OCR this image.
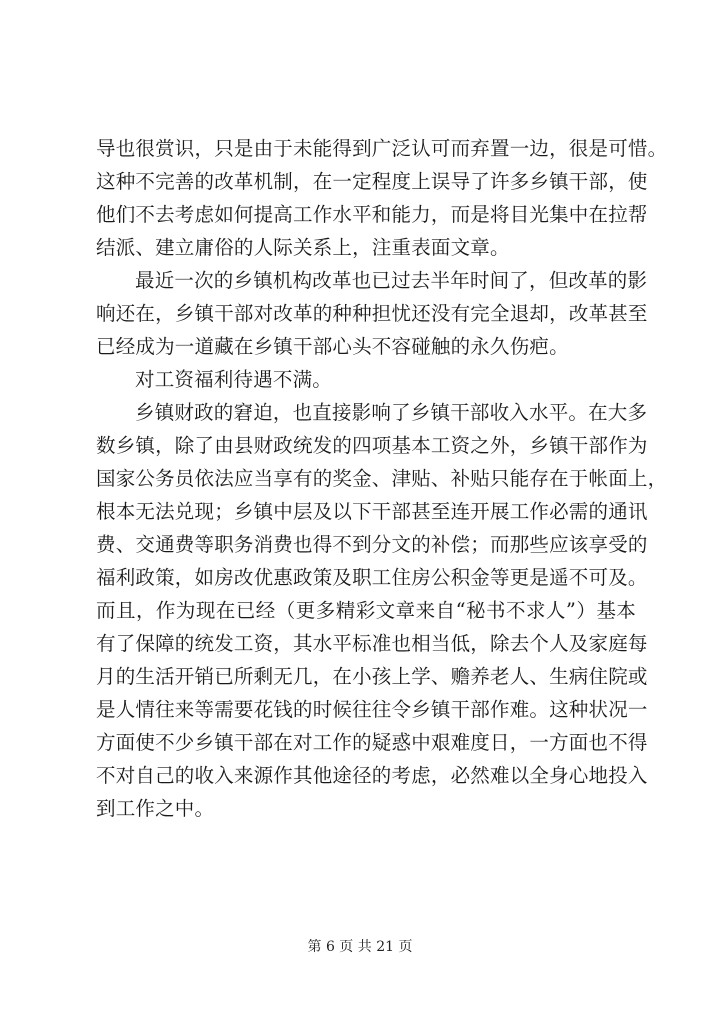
导也很赏识，只是由于未能得到广泛认可而弃置一边，很是可惜。
这种不完善的改革机制，在一定程度上误导了许多乡镇干部，使
他们不去考虑如何提高工作水平和能力，而是将目光集中在拉帮
结派、建立庸俗的人际关系上，注重表面文章。
最近一次的乡镇机构改革也已过去半年时间了，但改革的影
响还在，乡镇干部对改革的种种担忧还没有完全退却，改革甚至
已经成为一道藏在乡镇干部心头不容碰触的永久伤疤。
对工资福利待遇不满。
乡镇财政的窘迫，也直接影响了乡镇干部收入水平。在大多
数乡镇，除了由县财政统发的四项基本工资之外，乡镇干部作为
国家公务员依法应当享有的奖金、津贴、补贴只能存在于帐面上，
根本无法兑现；乡镇中层及以下干部甚至连开展工作必需的通讯
费、交通费等职务消费也得不到分文的补偿；而那些应该享受的
福利政策，如房改优惠政策及职工住房公积金等更是遥不可及。
而且，作为现在已经（更多精彩文章来自“秘书不求人”）基本
有了保障的统发工资，其水平标准也相当低，除去个人及家庭每
月的生活开销已所剩无几，在小孩上学、赡养老人、生病住院或
是人情往来等需要花钱的时候往往令乡镇干部作难。这种状况一
方面使不少乡镇干部在对工作的疑惑中艰难度日，一方面也不得
不对自己的收入来源作其他途径的考虑，必然难以全身心地投入
到工作之中。
第 6 页 共 21 页
